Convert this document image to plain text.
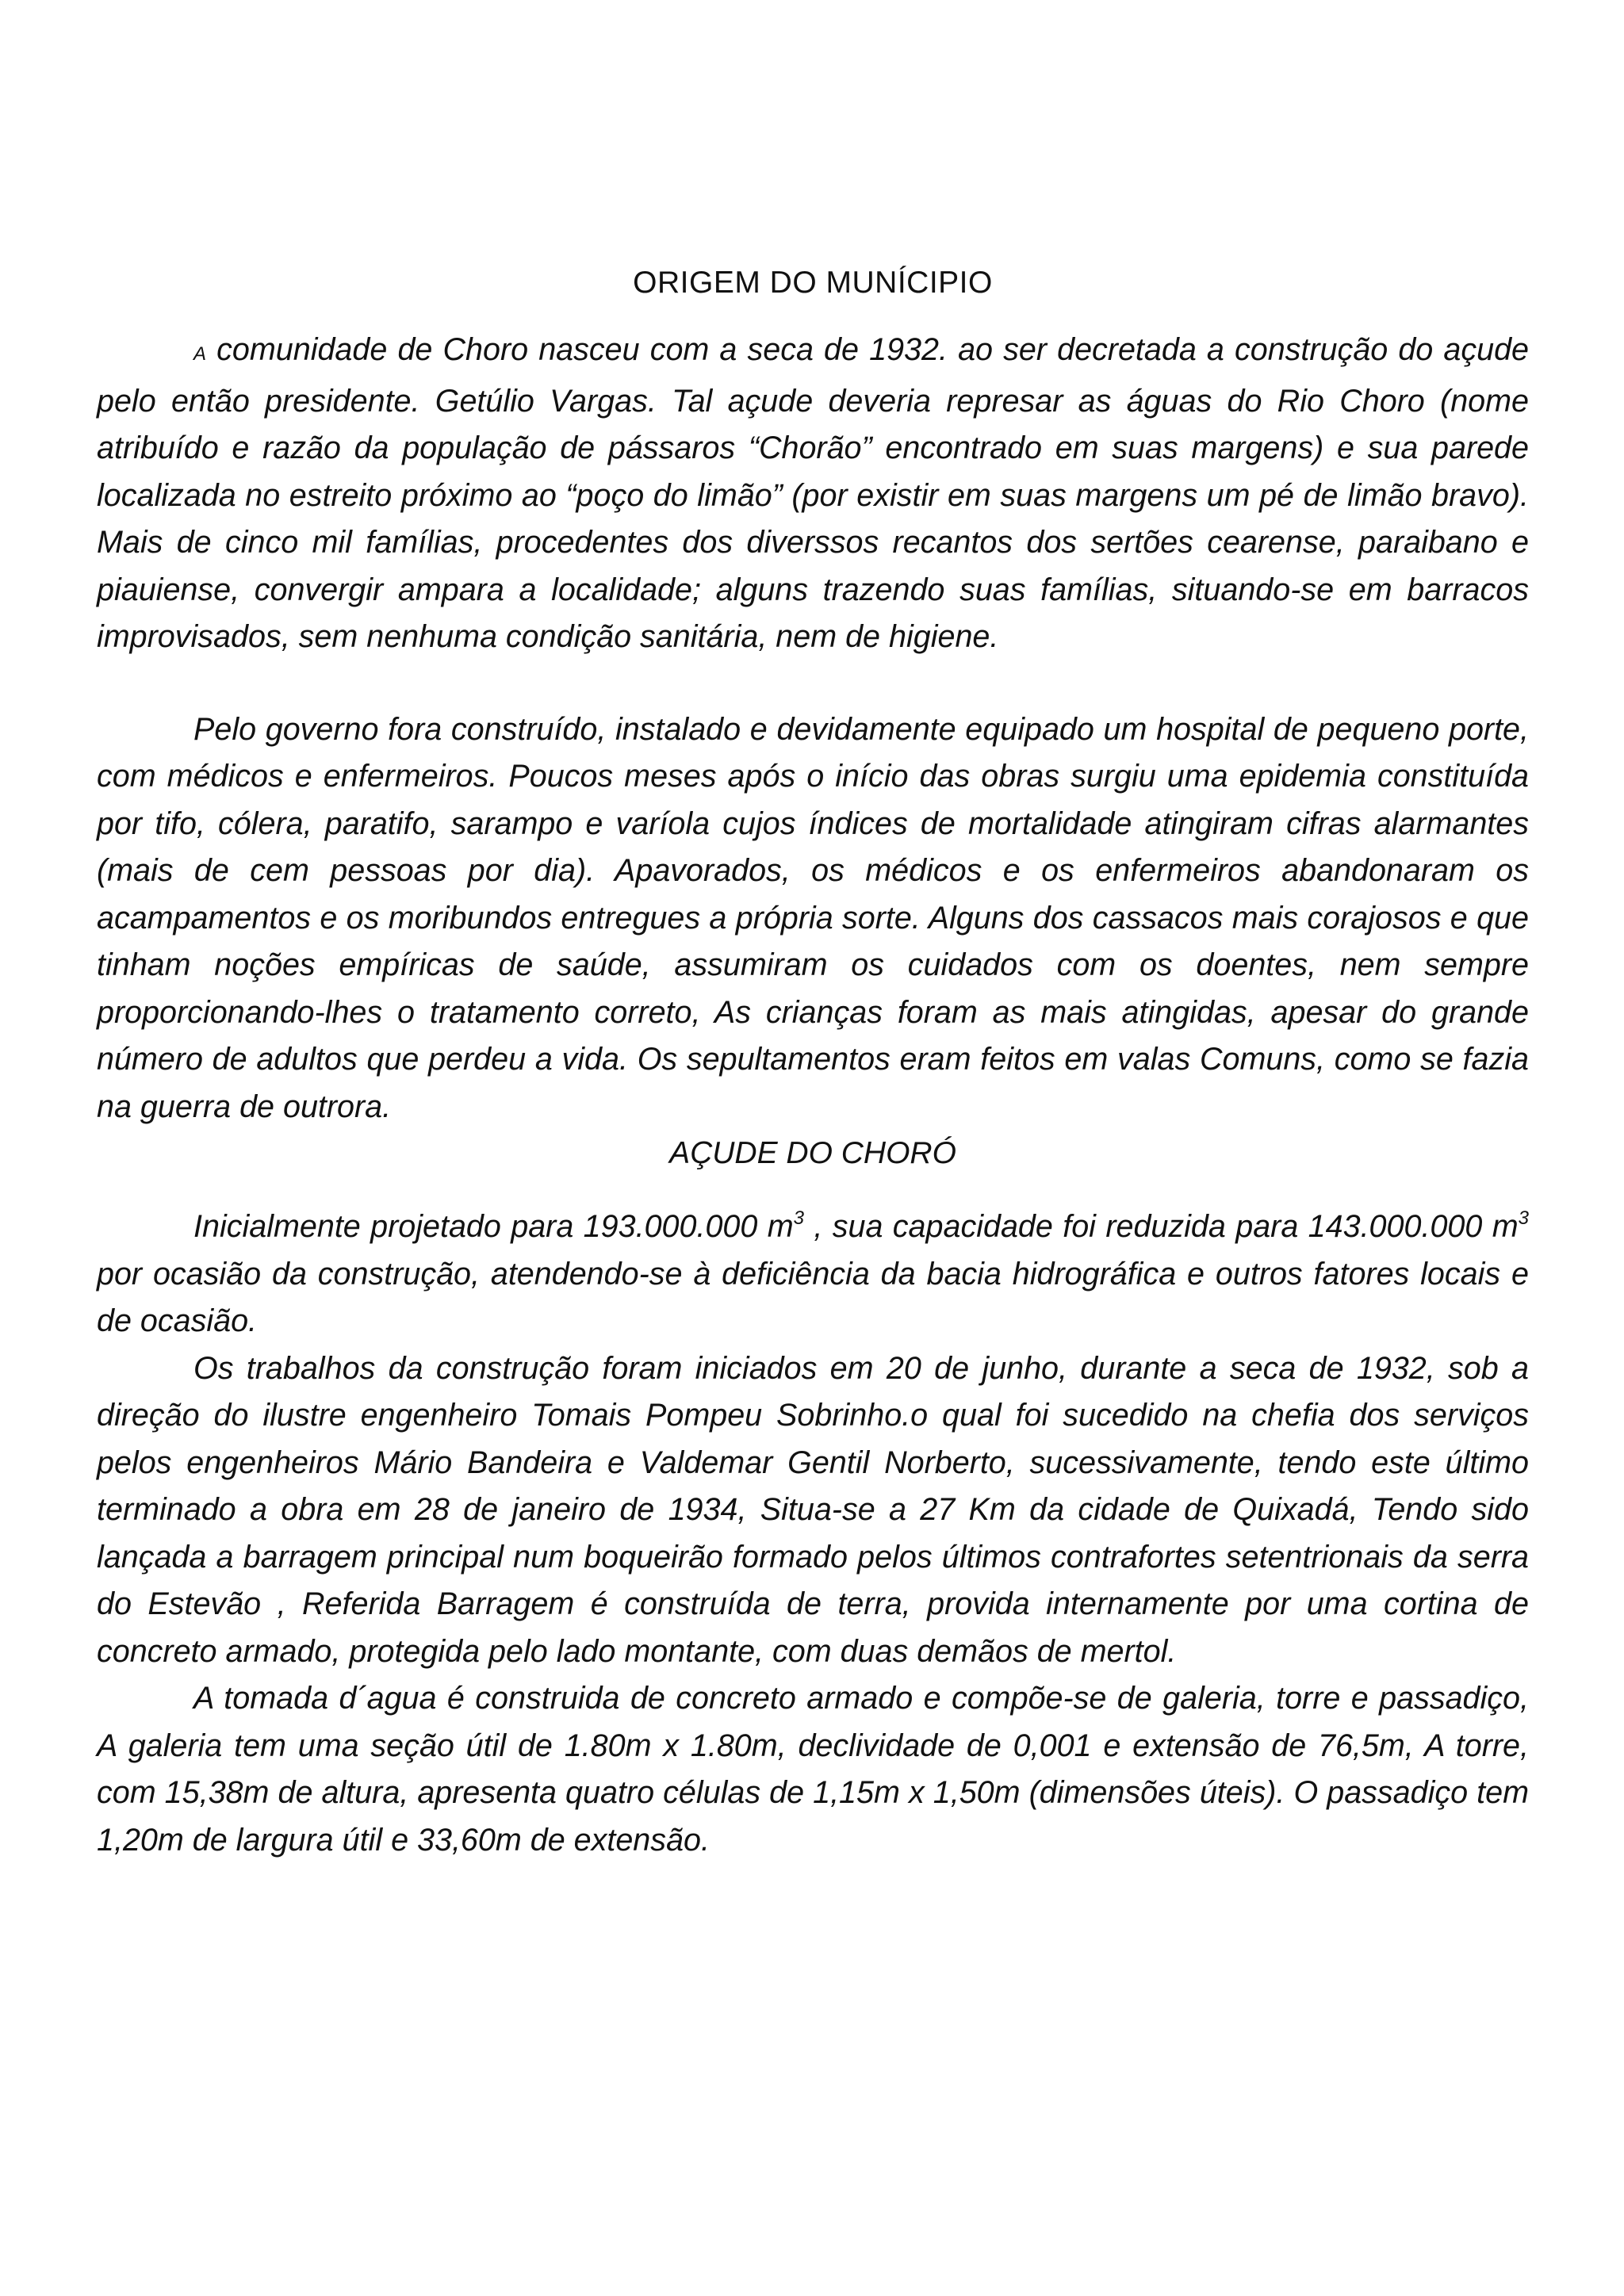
ORIGEM DO MUNÍCIPIO

A comunidade de Choro nasceu com a seca de 1932. ao ser decretada a construção do açude pelo então presidente. Getúlio Vargas. Tal açude deveria represar as águas do Rio Choro (nome atribuído e razão da população de pássaros “Chorão” encontrado em suas margens) e sua parede localizada no estreito próximo ao “poço do limão” (por existir em suas margens um pé de limão bravo). Mais de cinco mil famílias, procedentes dos diverssos recantos dos sertões cearense, paraibano e piauiense, convergir ampara a localidade; alguns trazendo suas famílias, situando-se em barracos improvisados, sem nenhuma condição sanitária, nem de higiene.

Pelo governo fora construído, instalado e devidamente equipado um hospital de pequeno porte, com médicos e enfermeiros. Poucos meses após o início das obras surgiu uma epidemia constituída por tifo, cólera, paratifo, sarampo e varíola cujos índices de mortalidade atingiram cifras alarmantes (mais de cem pessoas por dia). Apavorados, os médicos e os enfermeiros abandonaram os acampamentos e os moribundos entregues a própria sorte. Alguns dos cassacos mais corajosos e que tinham noções empíricas de saúde, assumiram os cuidados com os doentes, nem sempre proporcionando-lhes o tratamento correto, As crianças foram as mais atingidas, apesar do grande número de adultos que perdeu a vida. Os sepultamentos eram feitos em valas Comuns, como se fazia na guerra de outrora.

AÇUDE DO CHORÓ

Inicialmente projetado para 193.000.000 $m^3$ , sua capacidade foi reduzida para 143.000.000 $m^3$ por ocasião da construção, atendendo-se à deficiência da bacia hidrográfica e outros fatores locais e de ocasião.

Os trabalhos da construção foram iniciados em 20 de junho, durante a seca de 1932, sob a direção do ilustre engenheiro Tomais Pompeu Sobrinho.o qual foi sucedido na chefia dos serviços pelos engenheiros Mário Bandeira e Valdemar Gentil Norberto, sucessivamente, tendo este último terminado a obra em 28 de janeiro de 1934, Situa-se a 27 Km da cidade de Quixadá, Tendo sido lançada a barragem principal num boqueirão formado pelos últimos contrafortes setentrionais da serra do Estevão , Referida Barragem é construída de terra, provida internamente por uma cortina de concreto armado, protegida pelo lado montante, com duas demãos de mertol.

A tomada d´agua é construida de concreto armado e compõe-se de galeria, torre e passadiço, A galeria tem uma seção útil de 1.80m x 1.80m, declividade de 0,001 e extensão de 76,5m, A torre, com 15,38m de altura, apresenta quatro células de 1,15m x 1,50m (dimensões úteis). O passadiço tem 1,20m de largura útil e 33,60m de extensão.
